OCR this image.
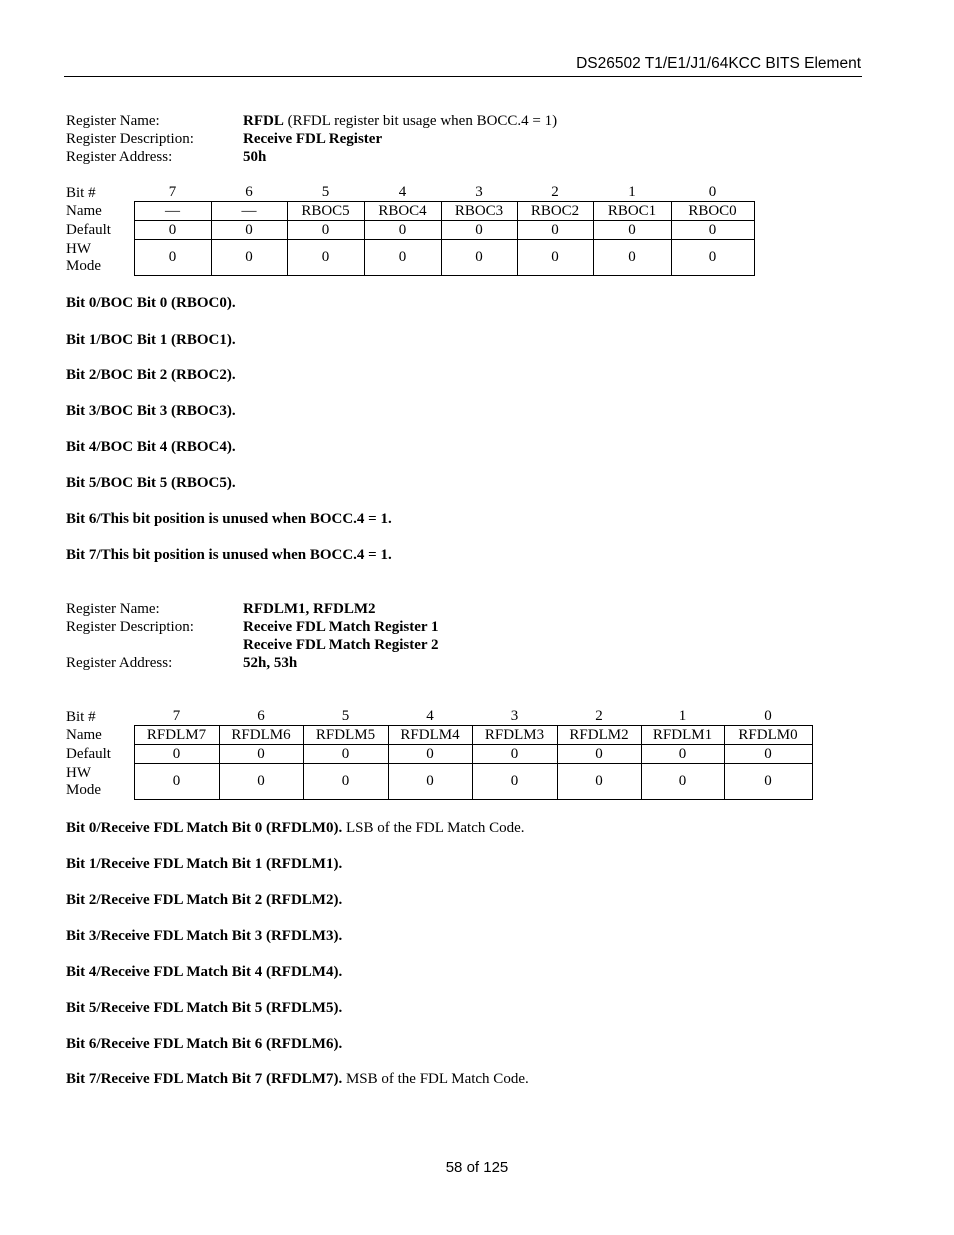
DS26502 T1/E1/J1/64KCC BITS Element
Register Name:	RFDL (RFDL register bit usage when BOCC.4 = 1)
Register Description:	Receive FDL Register
Register Address:	50h
Bit #	7	6	5	4	3	2	1	0
Name	—	—	RBOC5	RBOC4	RBOC3	RBOC2	RBOC1	RBOC0
Default	0	0	0	0	0	0	0	0
HW
Mode	0	0	0	0	0	0	0	0
Bit 0/BOC Bit 0 (RBOC0).
Bit 1/BOC Bit 1 (RBOC1).
Bit 2/BOC Bit 2 (RBOC2).
Bit 3/BOC Bit 3 (RBOC3).
Bit 4/BOC Bit 4 (RBOC4).
Bit 5/BOC Bit 5 (RBOC5).
Bit 6/This bit position is unused when BOCC.4 = 1.
Bit 7/This bit position is unused when BOCC.4 = 1.
Register Name:	RFDLM1, RFDLM2
Register Description:	Receive FDL Match Register 1
Receive FDL Match Register 2
Register Address:	52h, 53h
Bit #	7	6	5	4	3	2	1	0
Name	RFDLM7	RFDLM6	RFDLM5	RFDLM4	RFDLM3	RFDLM2	RFDLM1	RFDLM0
Default	0	0	0	0	0	0	0	0
HW
Mode	0	0	0	0	0	0	0	0
Bit 0/Receive FDL Match Bit 0 (RFDLM0). LSB of the FDL Match Code.
Bit 1/Receive FDL Match Bit 1 (RFDLM1).
Bit 2/Receive FDL Match Bit 2 (RFDLM2).
Bit 3/Receive FDL Match Bit 3 (RFDLM3).
Bit 4/Receive FDL Match Bit 4 (RFDLM4).
Bit 5/Receive FDL Match Bit 5 (RFDLM5).
Bit 6/Receive FDL Match Bit 6 (RFDLM6).
Bit 7/Receive FDL Match Bit 7 (RFDLM7). MSB of the FDL Match Code.
58 of 125
